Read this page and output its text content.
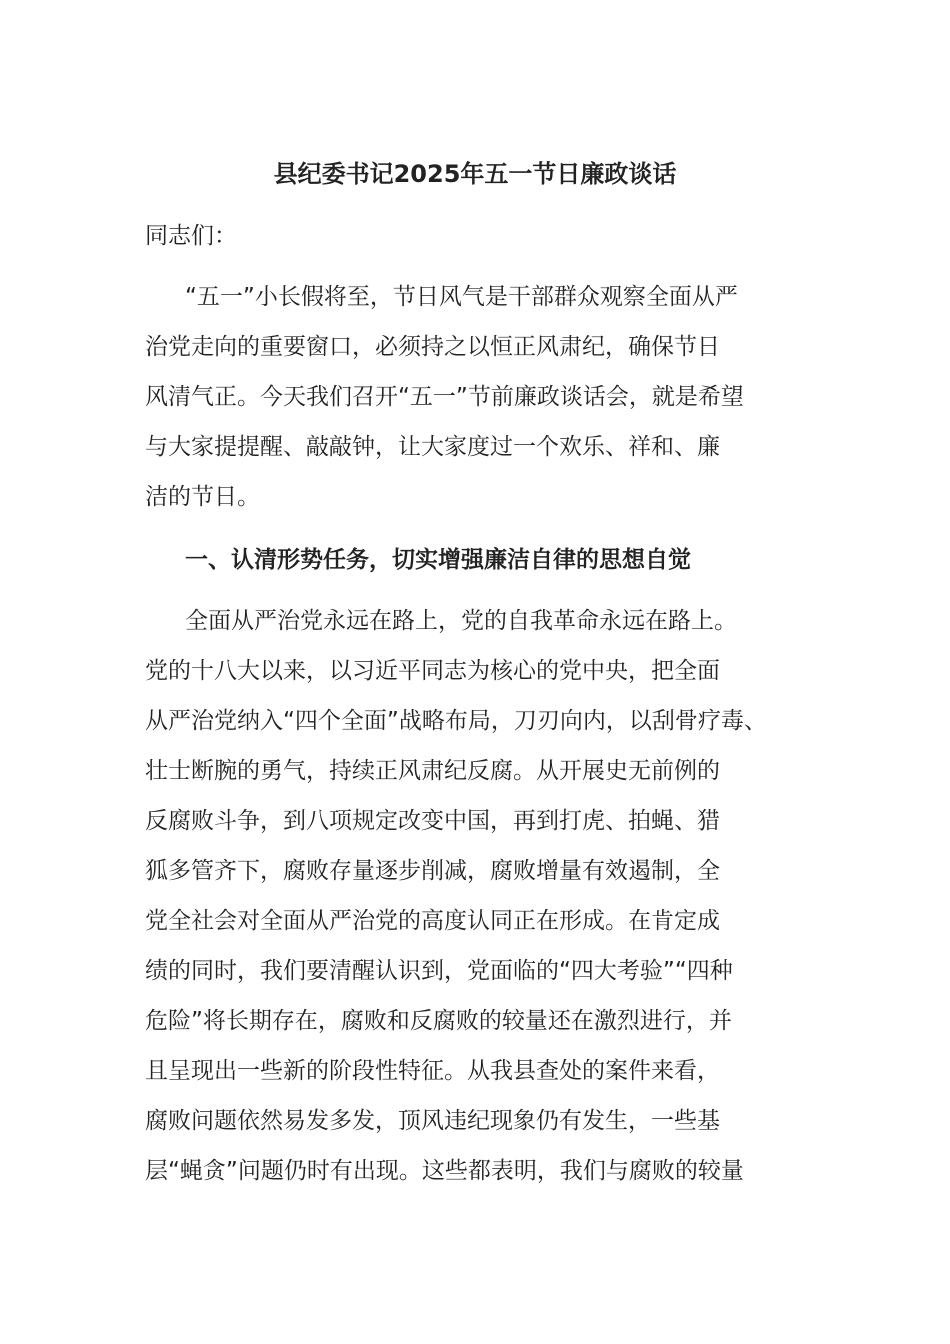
县纪委书记2025年五一节日廉政谈话
同志们：
“五一”小长假将至，节日风气是干部群众观察全面从严
治党走向的重要窗口，必须持之以恒正风肃纪，确保节日
风清气正。今天我们召开“五一”节前廉政谈话会，就是希望
与大家提提醒、敲敲钟，让大家度过一个欢乐、祥和、廉
洁的节日。
一、认清形势任务，切实增强廉洁自律的思想自觉
全面从严治党永远在路上，党的自我革命永远在路上。
党的十八大以来，以习近平同志为核心的党中央，把全面
从严治党纳入“四个全面”战略布局，刀刃向内，以刮骨疗毒、
壮士断腕的勇气，持续正风肃纪反腐。从开展史无前例的
反腐败斗争，到八项规定改变中国，再到打虎、拍蝇、猎
狐多管齐下，腐败存量逐步削减，腐败增量有效遏制，全
党全社会对全面从严治党的高度认同正在形成。在肯定成
绩的同时，我们要清醒认识到，党面临的“四大考验”“四种
危险”将长期存在，腐败和反腐败的较量还在激烈进行，并
且呈现出一些新的阶段性特征。从我县查处的案件来看，
腐败问题依然易发多发，顶风违纪现象仍有发生，一些基
层“蝇贪”问题仍时有出现。这些都表明，我们与腐败的较量
